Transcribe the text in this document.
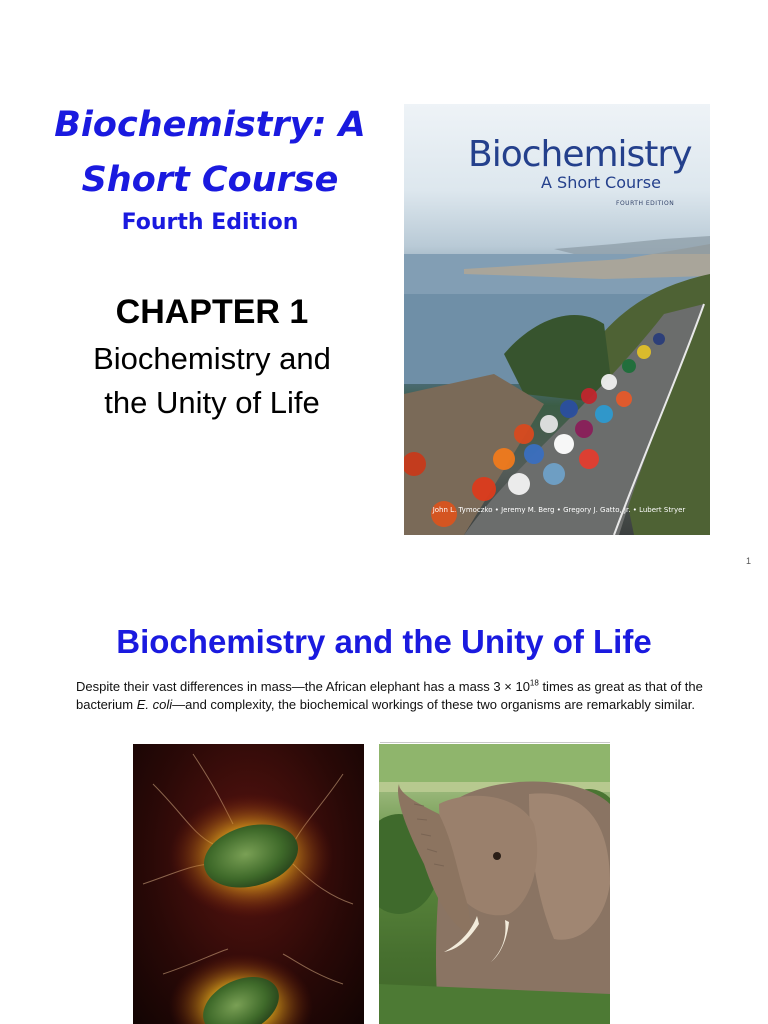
Biochemistry: A
Short Course
Fourth Edition
CHAPTER 1
Biochemistry and
the Unity of Life
Biochemistry
A Short Course
FOURTH EDITION
John L. Tymoczko • Jeremy M. Berg • Gregory J. Gatto, Jr. • Lubert Stryer
1
Biochemistry and the Unity of Life
Despite their vast differences in mass—the African elephant has a mass $3 \times 10^{18}$ times as great as that of the bacterium E. coli—and complexity, the biochemical workings of these two organisms are remarkably similar.
